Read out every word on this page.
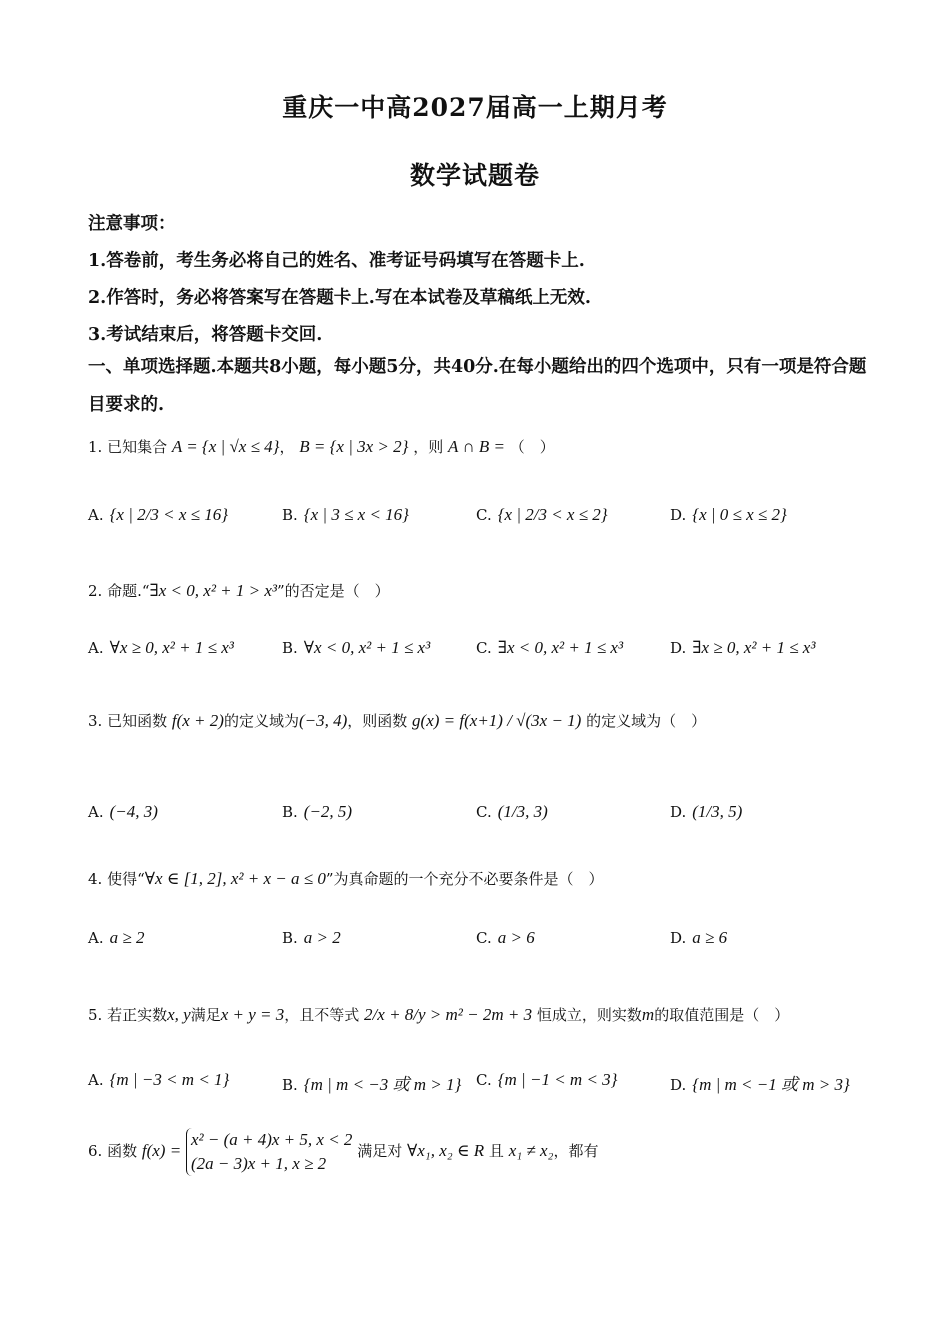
重庆一中高2027届高一上期月考
数学试题卷
注意事项：
1.答卷前，考生务必将自己的姓名、准考证号码填写在答题卡上.
2.作答时，务必将答案写在答题卡上.写在本试卷及草稿纸上无效.
3.考试结束后，将答题卡交回.
一、单项选择题.本题共8小题，每小题5分，共40分.在每小题给出的四个选项中，只有一项是符合题目要求的.
1. 已知集合 A = {x | √x ≤ 4}， B = {x | 3x > 2} ，则 A ∩ B = （　）
A. {x | 2/3 < x ≤ 16}	B. {x | 3 ≤ x < 16}	C. {x | 2/3 < x ≤ 2}	D. {x | 0 ≤ x ≤ 2}
2. 命题.“∃x < 0, x² + 1 > x³”的否定是（　）
A. ∀x ≥ 0, x² + 1 ≤ x³	B. ∀x < 0, x² + 1 ≤ x³	C. ∃x < 0, x² + 1 ≤ x³	D. ∃x ≥ 0, x² + 1 ≤ x³
3. 已知函数 f(x + 2)的定义域为(−3, 4)，则函数 g(x) = f(x+1) / √(3x − 1) 的定义域为（　）
A. (−4, 3)	B. (−2, 5)	C. (1/3, 3)	D. (1/3, 5)
4. 使得“∀x ∈ [1, 2], x² + x − a ≤ 0”为真命题的一个充分不必要条件是（　）
A. a ≥ 2	B. a > 2	C. a > 6	D. a ≥ 6
5. 若正实数x, y满足x + y = 3，且不等式 2/x + 8/y > m² − 2m + 3 恒成立，则实数m的取值范围是（　）
A. {m | −3 < m < 1}	B. {m | m < −3 或 m > 1} C. {m | −1 < m < 3}	D. {m | m < −1 或 m > 3}
6. 函数 f(x) =
x² − (a + 4)x + 5, x < 2
(2a − 3)x + 1, x ≥ 2
满足对 ∀x₁, x₂ ∈ R 且 x₁ ≠ x₂，都有
